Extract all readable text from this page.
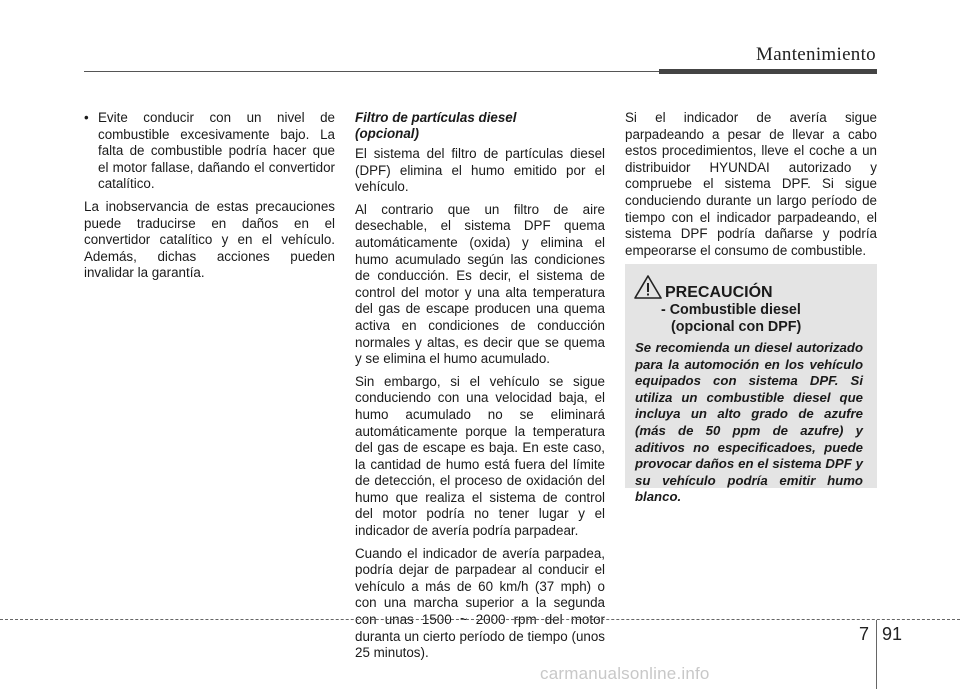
Mantenimiento
• Evite conducir con un nivel de combustible excesivamente bajo. La falta de combustible podría hacer que el motor fallase, dañando el convertidor catalítico.

La inobservancia de estas precauciones puede traducirse en daños en el convertidor catalítico y en el vehículo. Además, dichas acciones pueden invalidar la garantía.

Filtro de partículas diesel
(opcional)

El sistema del filtro de partículas diesel (DPF) elimina el humo emitido por el vehículo.

Al contrario que un filtro de aire desechable, el sistema DPF quema automáticamente (oxida) y elimina el humo acumulado según las condiciones de conducción. Es decir, el sistema de control del motor y una alta temperatura del gas de escape producen una quema activa en condiciones de conducción normales y altas, es decir que se quema y se elimina el humo acumulado.

Sin embargo, si el vehículo se sigue conduciendo con una velocidad baja, el humo acumulado no se eliminará automáticamente porque la temperatura del gas de escape es baja. En este caso, la cantidad de humo está fuera del límite de detección, el proceso de oxidación del humo que realiza el sistema de control del motor podría no tener lugar y el indicador de avería podría parpadear.

Cuando el indicador de avería parpadea, podría dejar de parpadear al conducir el vehículo a más de 60 km/h (37 mph) o con una marcha superior a la segunda con unas 1500 ~ 2000 rpm del motor duranta un cierto período de tiempo (unos 25 minutos).

Si el indicador de avería sigue parpadeando a pesar de llevar a cabo estos procedimientos, lleve el coche a un distribuidor HYUNDAI autorizado y compruebe el sistema DPF. Si sigue conduciendo durante un largo período de tiempo con el indicador parpadeando, el sistema DPF podría dañarse y podría empeorarse el consumo de combustible.

PRECAUCIÓN
- Combustible diesel
(opcional con DPF)
Se recomienda un diesel autorizado para la automoción en los vehículo equipados con sistema DPF. Si utiliza un combustible diesel que incluya un alto grado de azufre (más de 50 ppm de azufre) y aditivos no especificadoes, puede provocar daños en el sistema DPF y su vehículo podría emitir humo blanco.
7 91
carmanualsonline.info
